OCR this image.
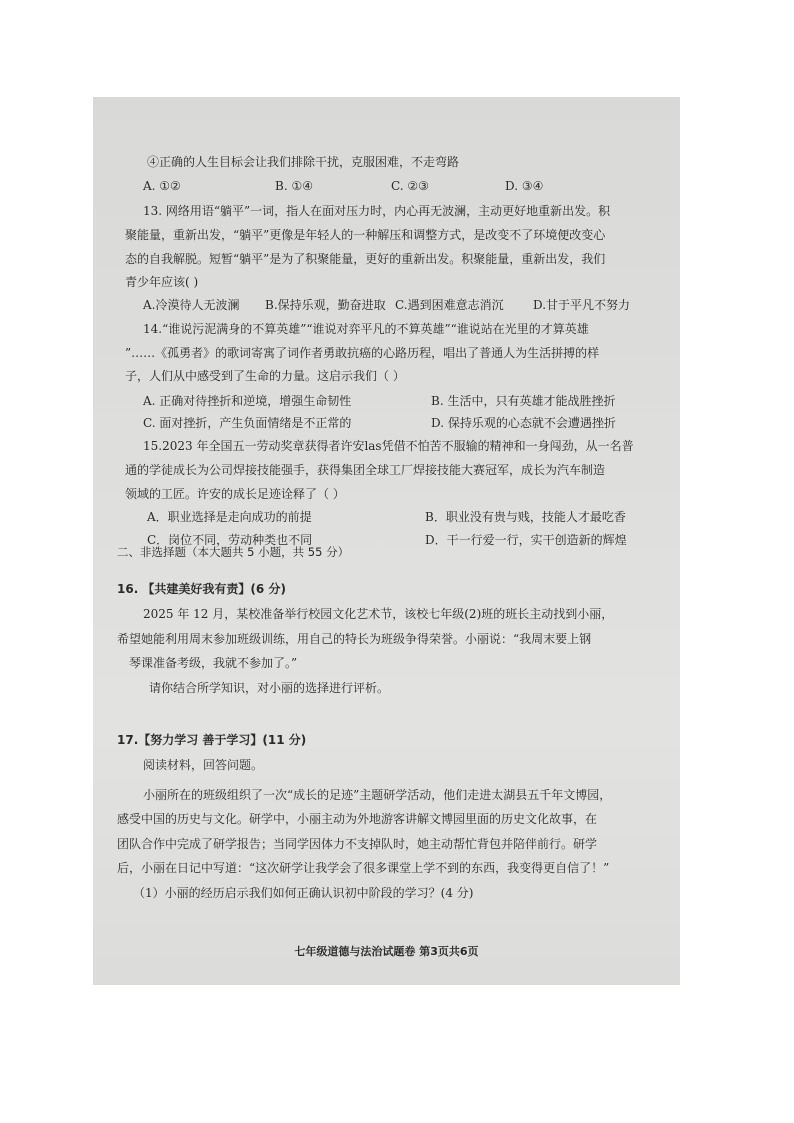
④正确的人生目标会让我们排除干扰，克服困难，不走弯路
A. ①②	B. ①④	C. ②③	D. ③④
13. 网络用语“躺平”一词，指人在面对压力时，内心再无波澜，主动更好地重新出发。积
聚能量，重新出发，“躺平”更像是年轻人的一种解压和调整方式，是改变不了环境便改变心
态的自我解脱。短暂“躺平”是为了积聚能量，更好的重新出发。积聚能量，重新出发，我们
青少年应该( )
A.冷漠待人无波澜 B.保持乐观，勤奋进取 C.遇到困难意志消沉 D.甘于平凡不努力
14.“谁说污泥满身的不算英雄”“谁说对弈平凡的不算英雄”“谁说站在光里的才算英雄
”……《孤勇者》的歌词寄寓了词作者勇敢抗癌的心路历程，唱出了普通人为生活拼搏的样
子，人们从中感受到了生命的力量。这启示我们（ ）
A. 正确对待挫折和逆境，增强生命韧性	B. 生活中，只有英雄才能战胜挫折
C. 面对挫折，产生负面情绪是不正常的	D. 保持乐观的心态就不会遭遇挫折
15.2023 年全国五一劳动奖章获得者许安las凭借不怕苦不服输的精神和一身闯劲，从一名普
通的学徒成长为公司焊接技能强手，获得集团全球工厂焊接技能大赛冠军，成长为汽车制造
领域的工匠。许安的成长足迹诠释了（ ）
A．职业选择是走向成功的前提	B．职业没有贵与贱，技能人才最吃香
C．岗位不同，劳动种类也不同	D．干一行爱一行，实干创造新的辉煌
二、非选择题（本大题共 5 小题，共 55 分）
16. 【共建美好我有责】(6 分)
2025 年 12 月，某校准备举行校园文化艺术节，该校七年级(2)班的班长主动找到小丽，
希望她能利用周末参加班级训练，用自己的特长为班级争得荣誉。小丽说：“我周末要上钢
琴课准备考级，我就不参加了。”
请你结合所学知识，对小丽的选择进行评析。
17.【努力学习 善于学习】(11 分)
阅读材料，回答问题。
小丽所在的班级组织了一次“成长的足迹”主题研学活动，他们走进太湖县五千年文博园，
感受中国的历史与文化。研学中，小丽主动为外地游客讲解文博园里面的历史文化故事，在
团队合作中完成了研学报告；当同学因体力不支掉队时，她主动帮忙背包并陪伴前行。研学
后，小丽在日记中写道：“这次研学让我学会了很多课堂上学不到的东西，我变得更自信了！”
（1）小丽的经历启示我们如何正确认识初中阶段的学习？(4 分)
七年级道德与法治试题卷 第3页共6页
